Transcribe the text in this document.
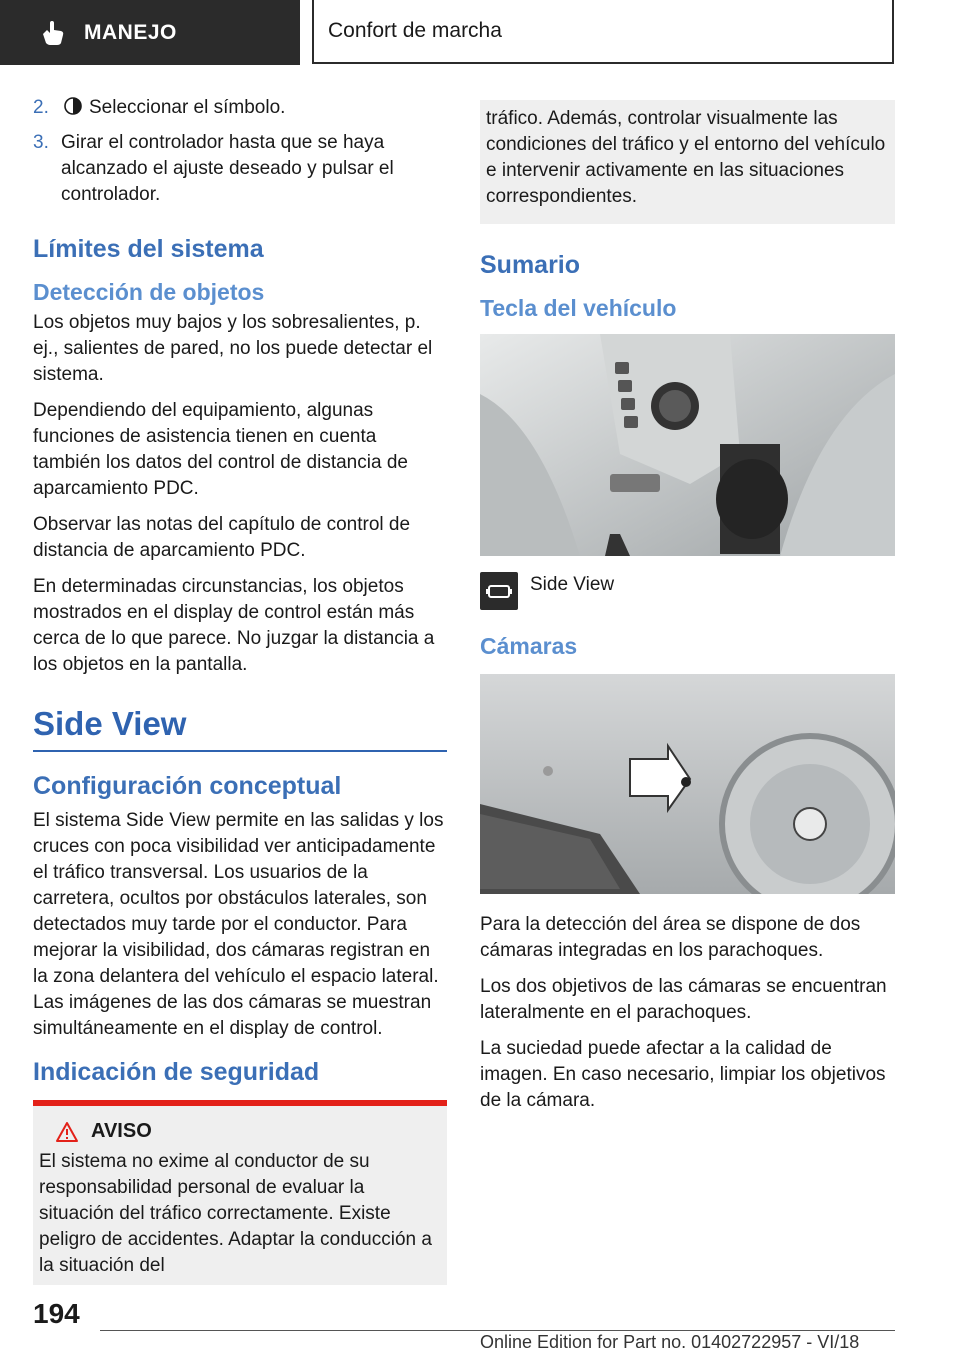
MANEJO	Confort de marcha
2.	Seleccionar el símbolo.
3. Girar el controlador hasta que se haya alcanzado el ajuste deseado y pulsar el controlador.
Límites del sistema
Detección de objetos

Los objetos muy bajos y los sobresalientes, p. ej., salientes de pared, no los puede detectar el sistema.

Dependiendo del equipamiento, algunas funciones de asistencia tienen en cuenta también los datos del control de distancia de aparcamiento PDC.

Observar las notas del capítulo de control de distancia de aparcamiento PDC.

En determinadas circunstancias, los objetos mostrados en el display de control están más cerca de lo que parece. No juzgar la distancia a los objetos en la pantalla.

Side View
Configuración conceptual

El sistema Side View permite en las salidas y los cruces con poca visibilidad ver anticipadamente el tráfico transversal. Los usuarios de la carretera, ocultos por obstáculos laterales, son detectados muy tarde por el conductor. Para mejorar la visibilidad, dos cámaras registran en la zona delantera del vehículo el espacio lateral. Las imágenes de las dos cámaras se muestran simultáneamente en el display de control.

Indicación de seguridad
AVISO

El sistema no exime al conductor de su responsabilidad personal de evaluar la situación del tráfico correctamente. Existe peligro de accidentes. Adaptar la conducción a la situación del

tráfico. Además, controlar visualmente las condiciones del tráfico y el entorno del vehículo e intervenir activamente en las situaciones correspondientes.

Sumario
Tecla del vehículo
Side View
Cámaras

Para la detección del área se dispone de dos cámaras integradas en los parachoques.

Los dos objetivos de las cámaras se encuentran lateralmente en el parachoques.

La suciedad puede afectar a la calidad de imagen. En caso necesario, limpiar los objetivos de la cámara.

194
Online Edition for Part no. 01402722957 - VI/18
